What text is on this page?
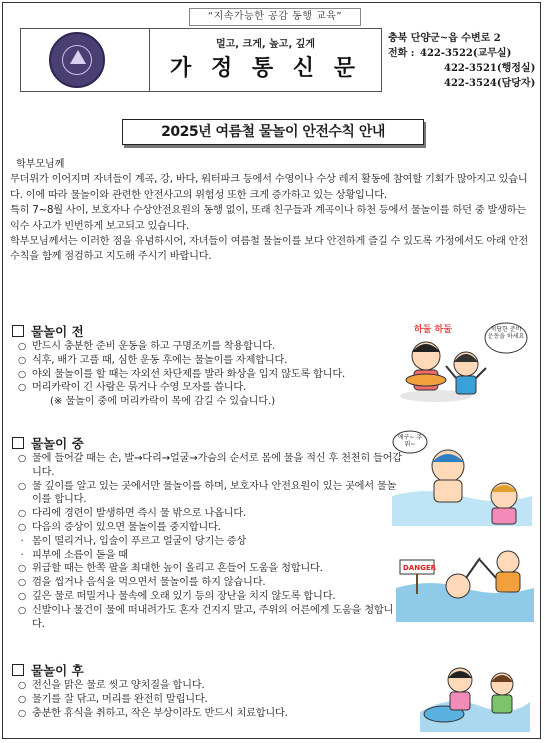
“지속가능한 공감 동행 교육”
멀고, 크게, 높고, 깊게
가 정 통 신 문
충북 단양군~읍 수변로 2
전화 : 422-3522(교무실)
422-3521(행정실)
422-3524(담당자)
2025년 여름철 물놀이 안전수칙 안내

학부모님께

무더위가 이어지며 자녀들이 계곡, 강, 바다, 워터파크 등에서 수영이나 수상 레저 활동에 참여할 기회가 많아지고 있습니다. 이에 따라 물놀이와 관련한 안전사고의 위험성 또한 크게 증가하고 있는 상황입니다.

특히 7~8월 사이, 보호자나 수상안전요원의 동행 없이, 또래 친구들과 계곡이나 하천 등에서 물놀이를 하던 중 발생하는 익수 사고가 빈번하게 보고되고 있습니다.

학부모님께서는 이러한 점을 유념하시어, 자녀들이 여름철 물놀이를 보다 안전하게 즐길 수 있도록 가정에서도 아래 안전수칙을 함께 점검하고 지도해 주시기 바랍니다.

물놀이 전
○ 반드시 충분한 준비 운동을 하고 구명조끼를 착용합니다.
○ 식후, 배가 고플 때, 심한 운동 후에는 물놀이를 자제합니다.
○ 야외 물놀이를 할 때는 자외선 차단제를 발라 화상을 입지 않도록 합니다.
○ 머리카락이 긴 사람은 묶거나 수영 모자를 씁니다.
(※ 물놀이 중에 머리카락이 목에 감길 수 있습니다.)
물놀이 중
○ 물에 들어갈 때는 손, 발→다리→얼굴→가슴의 순서로 몸에 물을 적신 후 천천히 들어갑니다.
○ 물 깊이를 알고 있는 곳에서만 물놀이를 하며, 보호자나 안전요원이 있는 곳에서 물놀이를 합니다.
○ 다리에 경련이 발생하면 즉시 물 밖으로 나옵니다.
○ 다음의 증상이 있으면 물놀이를 중지합니다.
· 몸이 떨리거나, 입술이 푸르고 얼굴이 당기는 증상
· 피부에 소름이 돋을 때
○ 위급할 때는 한쪽 팔을 최대한 높이 올리고 흔들어 도움을 청합니다.
○ 껌을 씹거나 음식을 먹으면서 물놀이를 하지 않습니다.
○ 깊은 물로 떠밀거나 물속에 오래 있기 등의 장난을 치지 않도록 합니다.
○ 신발이나 물건이 물에 떠내려가도 혼자 건지지 말고, 주위의 어른에게 도움을 청합니다.
물놀이 후
○ 전신을 맑은 물로 씻고 양치질을 합니다.
○ 물기를 잘 닦고, 머리를 완전히 말립니다.
○ 충분한 휴식을 취하고, 작은 부상이라도 반드시 치료합니다.
하둘 하둘	적당한 준비 운동을 하세요
애구~ 추워~
DANGER
